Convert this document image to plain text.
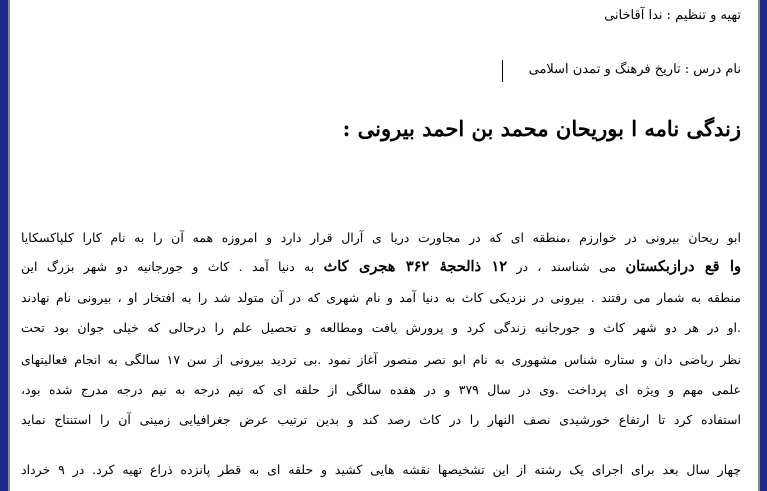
تهیه و تنظیم : ندا آقاخانی
نام درس : تاریخ فرهنگ و تمدن اسلامی
زندگی نامه ا بوریحان محمد بن احمد بیرونی :
ابو ریحان بیرونی در خوارزم ،منطقه ای که در مجاورت دریا ی آرال قرار دارد و امروزه همه آن را به نام کارا کلپاکسکایا
وا قع درازبکستان می شناسند ، در ۱۲ ذالحجهٔ ۳۶۲ هجری کاث به دنیا آمد . کاث و جورجانیه دو شهر بزرگ این
منطقه به شمار می رفتند . بیرونی در نزدیکی کاث به دنیا آمد و نام شهری که در آن متولد شد را به افتخار او ، بیرونی نام نهادند
.او در هر دو شهر کاث و جورجانیه زندگی کرد و پرورش یافت ومطالعه و تحصیل علم را درحالی که خیلی جوان بود تحت
نظر ریاضی دان و ستاره شناس مشهوری به نام ابو نصر منصور آغاز نمود .بی تردید بیرونی از سن ۱۷ سالگی به انجام فعالیتهای
علمی مهم و ویژه ای پرداخت .وی در سال ۳۷۹ و در هفده سالگی از حلقه ای که نیم درجه به نیم درجه مدرج شده بود،
استفاده کرد تا ارتفاع خورشیدی نصف النهار را در کاث رصد کند و بدین ترتیب عرض جغرافیایی زمینی آن را استنتاج نماید
چهار سال بعد برای اجرای یک رشته از این تشخیصها نقشه هایی کشید و حلقه ای به قطر پانزده ذراع تهیه کرد. در ۹ خرداد
